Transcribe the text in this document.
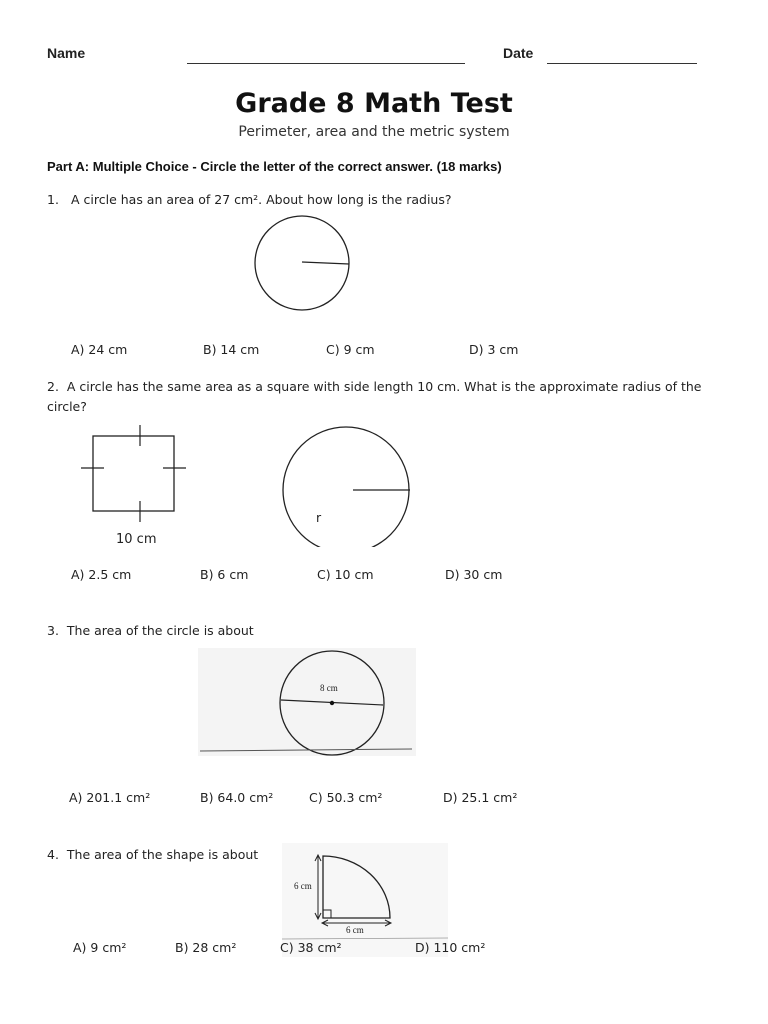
Name	Date
Grade 8 Math Test
Perimeter, area and the metric system
Part A: Multiple Choice - Circle the letter of the correct answer. (18 marks)
1. A circle has an area of 27 cm². About how long is the radius?
A) 24 cm	B) 14 cm	C) 9 cm	D) 3 cm
2. A circle has the same area as a square with side length 10 cm. What is the approximate radius of the circle?
10 cm
r
A) 2.5 cm	B) 6 cm	C) 10 cm	D) 30 cm
3. The area of the circle is about
8 cm
A) 201.1 cm²	B) 64.0 cm²	C) 50.3 cm²	D) 25.1 cm²
4. The area of the shape is about
6 cm
6 cm
A) 9 cm²	B) 28 cm²	C) 38 cm²	D) 110 cm²
